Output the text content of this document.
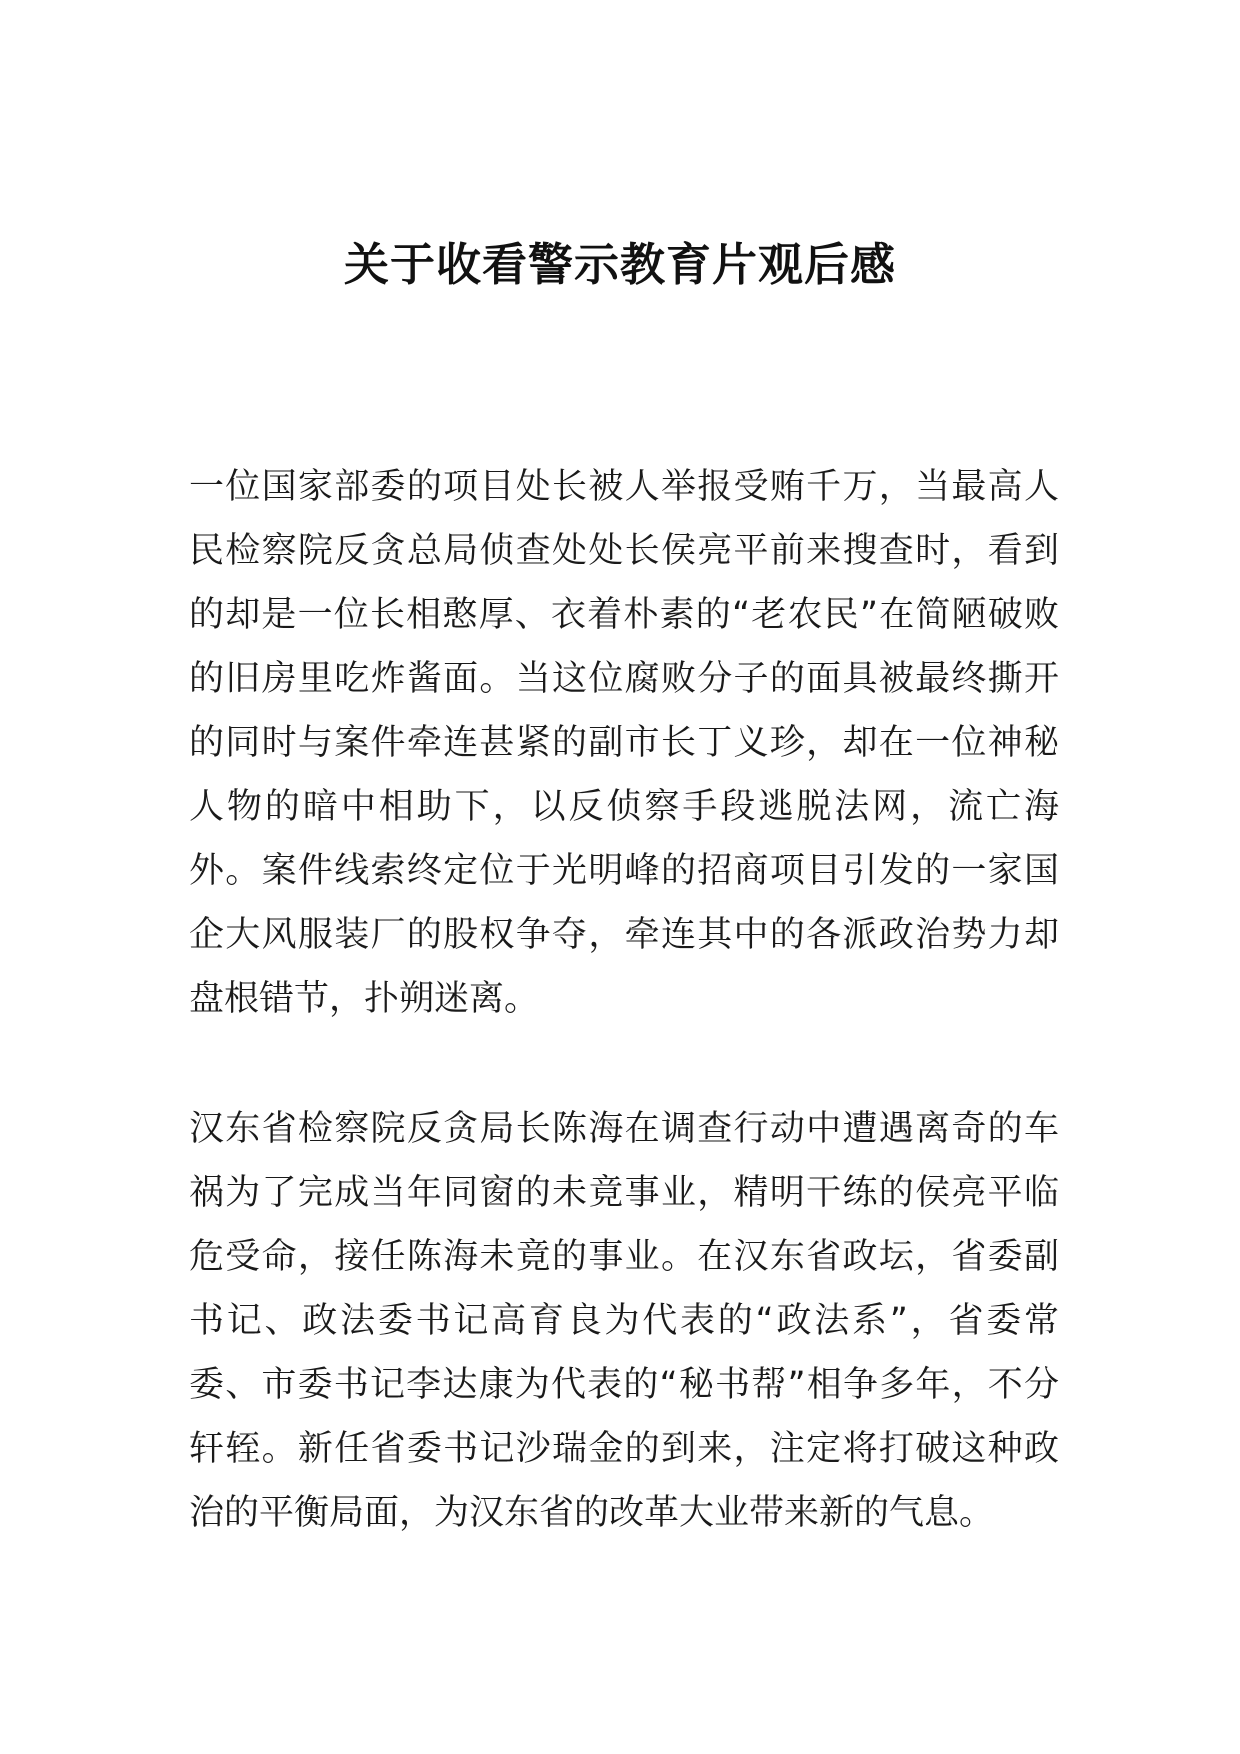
关于收看警示教育片观后感

一位国家部委的项目处长被人举报受贿千万，当最高人民检察院反贪总局侦查处处长侯亮平前来搜查时，看到的却是一位长相憨厚、衣着朴素的“老农民”在简陋破败的旧房里吃炸酱面。当这位腐败分子的面具被最终撕开的同时与案件牵连甚紧的副市长丁义珍，却在一位神秘人物的暗中相助下，以反侦察手段逃脱法网，流亡海外。案件线索终定位于光明峰的招商项目引发的一家国企大风服装厂的股权争夺，牵连其中的各派政治势力却盘根错节，扑朔迷离。

汉东省检察院反贪局长陈海在调查行动中遭遇离奇的车祸为了完成当年同窗的未竟事业，精明干练的侯亮平临危受命，接任陈海未竟的事业。在汉东省政坛，省委副书记、政法委书记高育良为代表的“政法系”，省委常委、市委书记李达康为代表的“秘书帮”相争多年，不分轩轾。新任省委书记沙瑞金的到来，注定将打破这种政治的平衡局面，为汉东省的改革大业带来新的气息。
